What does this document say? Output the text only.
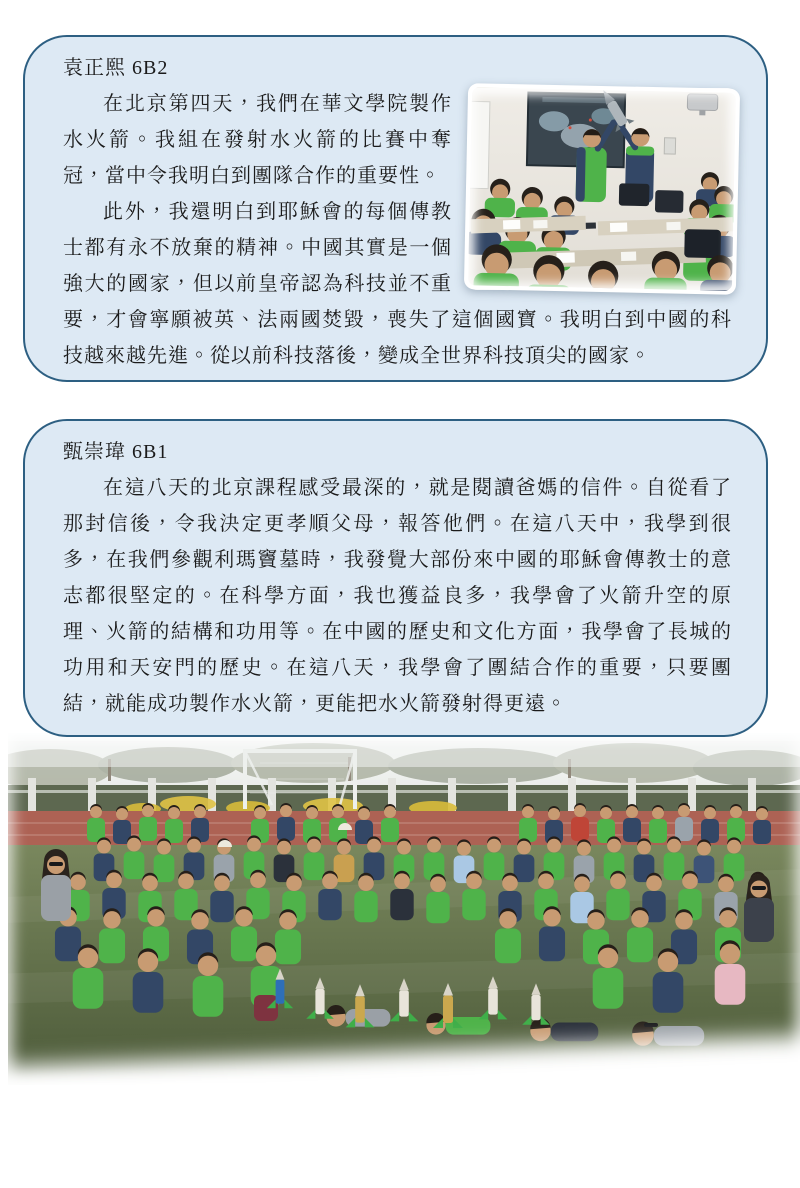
袁正熙 6B2

在北京第四天，我們在華文學院製作水火箭。我組在發射水火箭的比賽中奪冠，當中令我明白到團隊合作的重要性。

此外，我還明白到耶穌會的每個傳教士都有永不放棄的精神。中國其實是一個強大的國家，但以前皇帝認為科技並不重要，才會寧願被英、法兩國焚毀，喪失了這個國寶。我明白到中國的科技越來越先進。從以前科技落後，變成全世界科技頂尖的國家。

甄崇瑋 6B1

在這八天的北京課程感受最深的，就是閱讀爸媽的信件。自從看了那封信後，令我決定更孝順父母，報答他們。在這八天中，我學到很多，在我們參觀利瑪竇墓時，我發覺大部份來中國的耶穌會傳教士的意志都很堅定的。在科學方面，我也獲益良多，我學會了火箭升空的原理、火箭的結構和功用等。在中國的歷史和文化方面，我學會了長城的功用和天安門的歷史。在這八天，我學會了團結合作的重要，只要團結，就能成功製作水火箭，更能把水火箭發射得更遠。
